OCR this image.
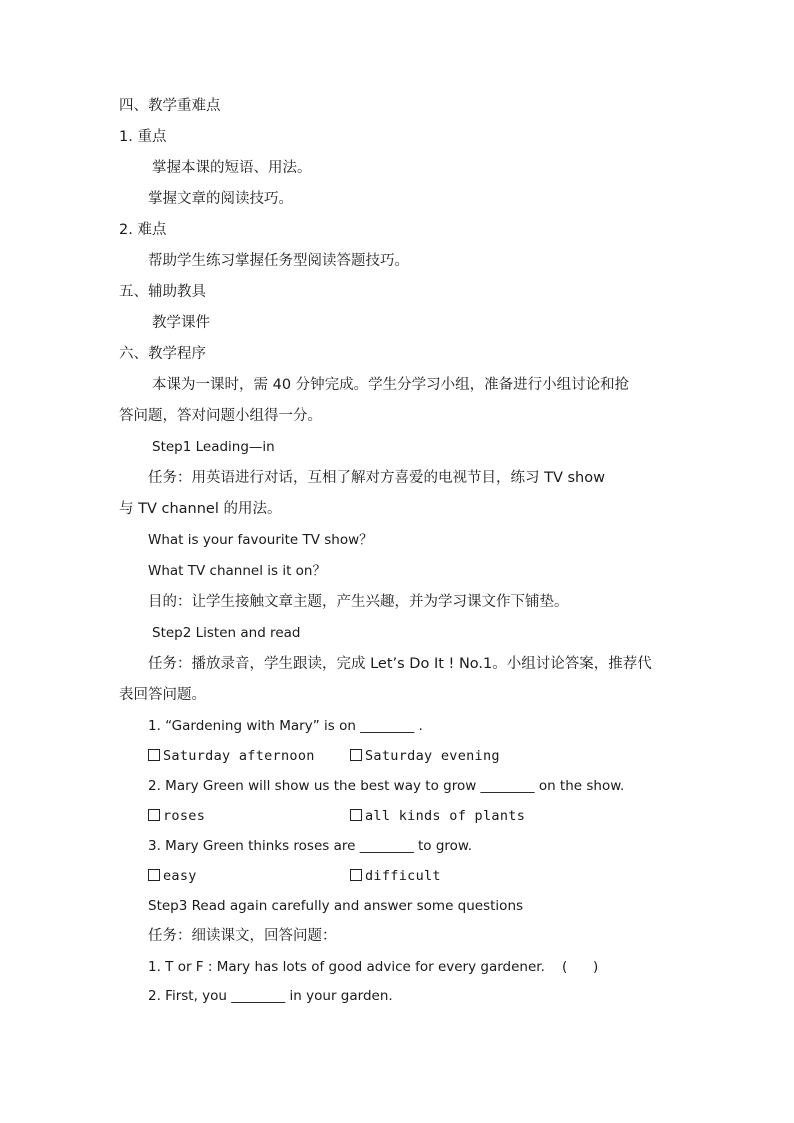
四、教学重难点
1. 重点
掌握本课的短语、用法。
掌握文章的阅读技巧。
2. 难点
帮助学生练习掌握任务型阅读答题技巧。
五、辅助教具
教学课件
六、教学程序
本课为一课时，需 40 分钟完成。学生分学习小组，准备进行小组讨论和抢
答问题，答对问题小组得一分。
Step1 Leading—in
任务：用英语进行对话，互相了解对方喜爱的电视节目，练习 TV show
与 TV channel 的用法。
What is your favourite TV show？
What TV channel is it on？
目的：让学生接触文章主题，产生兴趣，并为学习课文作下铺垫。
Step2 Listen and read
任务：播放录音，学生跟读，完成 Let’s Do It ! No.1。小组讨论答案，推荐代
表回答问题。
1. “Gardening with Mary” is on ________ .
Saturday afternoon	Saturday evening
2. Mary Green will show us the best way to grow ________ on the show.
roses	all kinds of plants
3. Mary Green thinks roses are ________ to grow.
easy	difficult
Step3 Read again carefully and answer some questions
任务：细读课文，回答问题：
1. T or F : Mary has lots of good advice for every gardener.    (      )
2. First, you ________ in your garden.
